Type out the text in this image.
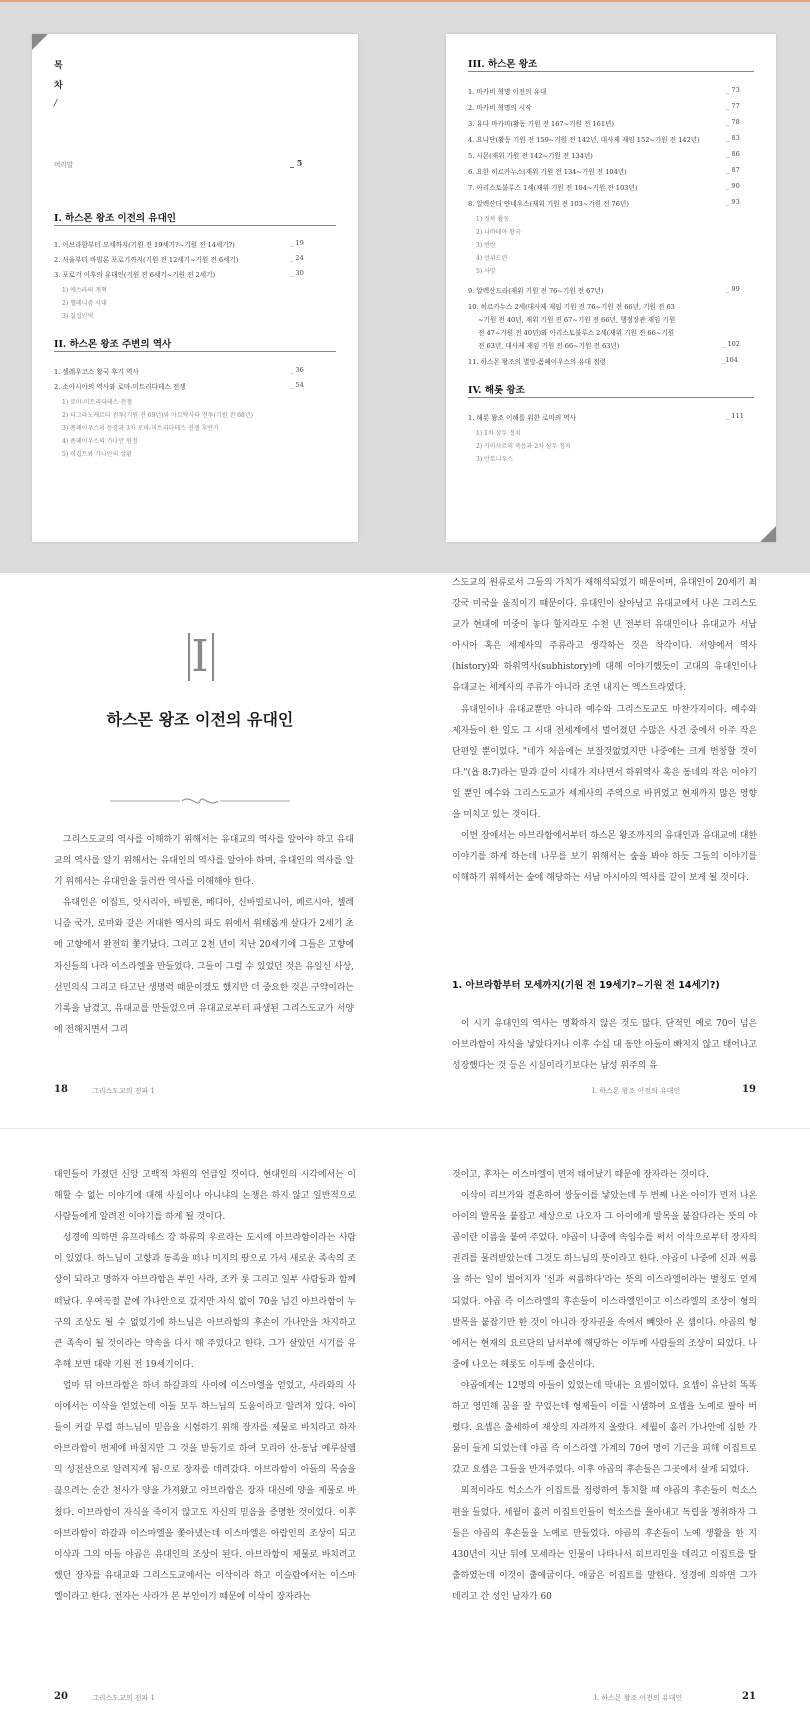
목
차
/
머리말	_ 5
I. 하스몬 왕조 이전의 유대인
1. 아브라함부터 모세까지(기원 전 19세기?~기원 전 14세기?)	_ 19
2. 사울부터 바빌론 포로기까지(기원 전 12세기~기원 전 6세기)	_ 24
3. 포로기 이후의 유대인(기원 전 6세기~기원 전 2세기)	_ 30
1) 에스라의 개혁
2) 헬레니즘 시대
3) 칠십인역
II. 하스몬 왕조 주변의 역사
1. 셀레우코스 왕국 후기 역사	_ 36
2. 소아시아의 역사와 로마-미트리다테스 전쟁	_ 54
1) 로마-미트리다테스 전쟁
2) 티그라노케르타 전투(기원 전 69년)와 아르탁사타 전투(기원 전 68년)
3) 폼페이우스의 등장과 3차 로마-미트리다테스 전쟁 후반기
4) 폼페이우스의 가나안 원정
5) 이집트와 가나안의 상황
III. 하스몬 왕조
1. 마카비 혁명 이전의 유대	_ 73
2. 마카비 혁명의 시작	_ 77
3. 유다 마카비(활동 기원 전 167~기원 전 161년)	_ 78
4. 요나단(활동 기원 전 159~기원 전 142년, 대사제 재임 152~기원 전 142년)	_ 83
5. 시몬(재위 기원 전 142~기원 전 134년)	_ 86
6. 요한 히르카누스(재위 기원 전 134~기원 전 104년)	_ 87
7. 아리스토불루스 1세(재위 기원 전 104~기원 전 103년)	_ 90
8. 알렉산더 얀네우스(재위 기원 전 103~기원 전 76년)	_ 93
1) 정복 활동
2) 나바테아 왕국
3) 반란
4) 선위드린
5) 사망
9. 알렉산드라(재위 기원 전 76~기원 전 67년)	_ 99
10. 히르카누스 2세(대사제 재임 기원 전 76~기원 전 66년, 기원 전 63
~기원 전 40년, 재위 기원 전 67~기원 전 66년, 행정장관 재임 기원
전 47~기원 전 40년)와 아리스토불루스 2세(재위 기원 전 66~기원
전 63년, 대사제 재임 기원 전 66~기원 전 63년)	_ 102
11. 하스몬 왕조의 멸망-폼페이우스의 유대 점령	_104
IV. 해롯 왕조
1. 해롯 왕조 이해를 위한 로마의 역사	_ 111
1) 1차 삼두 정치
2) 카이사르의 죽음과 2차 삼두 정치
3) 안토니우스
I
하스몬 왕조 이전의 유대인

그리스도교의 역사를 이해하기 위해서는 유대교의 역사를 알아야 하고 유대교의 역사를 알기 위해서는 유대인의 역사를 알아야 하며, 유대인의 역사를 알기 위해서는 유대인을 둘러싼 역사를 이해해야 한다.

유대인은 이집트, 앗시리아, 바빌론, 메디아, 신바빌로니아, 페르시아, 셀레니즘 국가, 로마와 같은 거대한 역사의 파도 위에서 위태롭게 살다가 2세기 초에 고향에서 완전히 쫓기났다. 그리고 2천 년이 지난 20세기에 그들은 고향에 자신들의 나라 이스라엘을 만들었다. 그들이 그럴 수 있었던 것은 유일신 사상, 선민의식 그리고 타고난 생명력 때문이겠도 했지만 더 중요한 것은 구약이라는 기록을 남겼고, 유대교를 만들었으며 유대교로부터 파생된 그리스도교가 서양에 전해지면서 그리

18	그리스도교의 전파 1

스도교의 원류로서 그들의 가치가 재해석되었기 때문이며, 유대인이 20세기 최강국 미국을 움직이기 때문이다. 유대인이 살아남고 유대교에서 나온 그리스도교가 현대에 미중이 놓다 할지라도 수천 년 전부터 유대인이나 유대교가 서남 아시아 혹은 세계사의 주류라고 생각하는 것은 착각이다. 서양에서 역사(history)와 하위역사(subhistory)에 대해 이야기했듯이 고대의 유대인이나 유대교는 세계사의 주류가 아니라 조연 내지는 엑스트라였다.

유대인이나 유대교뿐만 아니라 예수와 그리스도교도 마찬가지이다. 예수와 제자들이 한 일도 그 시대 전세계에서 벌어졌던 수많은 사건 중에서 아주 작은 단편일 뿐이었다. "네가 처음에는 보잘것없었지만 나중에는 크게 번창할 것이다."(욥 8:7)라는 말과 같이 시대가 지나면서 하위역사 혹은 동네의 작은 이야기일 뿐인 예수와 그리스도교가 세계사의 주역으로 바뀌었고 현재까지 많은 영향을 미치고 있는 것이다.

이번 장에서는 아브라함에서부터 하스몬 왕조까지의 유대인과 유대교에 대한 이야기를 하게 하는데 나무를 보기 위해서는 숲을 봐야 하듯 그들의 이야기를 이해하기 위해서는 숲에 해당하는 서남 아시아의 역사를 같이 보게 될 것이다.

1. 아브라함부터 모세까지(기원 전 19세기?~기원 전 14세기?)

이 시기 유대인의 역사는 명확하지 않은 것도 많다. 단적인 예로 70이 넘은 아브라함이 자식을 낳았다거나 이후 수십 대 동안 아들이 빠지지 않고 태어나고 성장했다는 것 등은 시실이라기보다는 남성 위주의 유

I. 하스몬 왕조 이전의 유대인	19

대인들이 가졌던 신앙 고백적 차원의 언급일 것이다. 현대인의 시각에서는 이해할 수 없는 이야기에 대해 사실이나 아니냐의 논쟁은 하지 않고 일반적으로 사람들에게 알려진 이야기를 하게 될 것이다.

성경에 의하면 유프라테스 강 하류의 우르라는 도시에 아브라함이라는 사람이 있었다. 하느님이 고향과 동족을 떠나 미지의 땅으로 가서 새로운 족속의 조상이 되라고 명하자 아브라함은 부인 사라, 조카 롯 그리고 일부 사람들과 함께 떠났다. 우여곡절 끝에 가나안으로 갔지만 자식 없이 70을 넘긴 아브라함이 누구의 조상도 될 수 없었기에 하느님은 아브라함의 후손이 가나안을 차지하고 큰 족속이 될 것이라는 약속을 다시 해 주었다고 한다. 그가 살았던 시기를 유추해 보면 대략 기원 전 19세기이다.

얼마 뒤 아브라함은 하녀 하갈과의 사이에 이스마엘을 얻었고, 사라와의 사이에서는 이삭을 얻었는데 이들 모두 하느님의 도움이라고 알려져 있다. 아이들이 커갈 무렵 하느님이 믿음을 시험하기 위해 장자를 제물로 바치라고 하자 아브라함이 번제에 바칠지만 그 것을 받들기로 하여 모리아 산-동남 예루살렘의 성전산으로 알려지게 됨-으로 장자를 데려갔다. 아브라함이 아들의 목숨을 끊으려는 순간 천사가 양을 가져왔고 아브라함은 장자 대신에 양을 제물로 바쳤다. 이브라함이 자식을 죽이지 않고도 자신의 믿음을 증명한 것이었다. 이후 아브라함이 하갈과 이스마엘을 쫓아냈는데 이스마엘은 아랍인의 조상이 되고 이삭과 그의 아들 야곱은 유대인의 조상이 된다. 아브라함이 제물로 바치려고 했던 장자를 유대교와 그리스도교에서는 이삭이라 하고 이슬람에서는 이스마엘이라고 한다. 전자는 사라가 본 부인이기 때문에 이삭이 장자라는

20	그리스도교의 전파 1

것이고, 후자는 이스마엘이 먼저 태어났기 때문에 장자라는 것이다.

이삭이 리브가와 결혼하여 쌍둥이를 낳았는데 두 번째 나온 아이가 먼저 나온 아이의 발목을 붙잡고 세상으로 나오자 그 아이에게 발목을 붙잡다라는 뜻의 야곱이란 이름을 붙여 주었다. 야곱이 나중에 속임수를 써서 이삭으로부터 장자의 권리를 물려받았는데 그것도 하느님의 뜻이라고 한다. 야곱이 나중에 신과 씨름을 하는 일이 벌어지자 '신과 씨름하다'라는 뜻의 이스라엘이라는 별칭도 얻게 되었다. 야곱 즉 이스라엘의 후손들이 이스라엘인이고 이스라엘의 조상이 형의 발목을 붙잡기만 한 것이 아니라 장자권을 속여서 빼앗아 온 셈이다. 야곱의 형에서는 현재의 요르단의 남서부에 해당하는 이두메 사람들의 조상이 되었다. 나중에 나오는 헤롯도 이두메 출신이다.

야곱에게는 12명의 아들이 있었는데 막내는 요셉이었다. 요셉이 유난히 똑똑하고 영민해 꿈을 잘 꾸었는데 형제들이 이를 시샘하여 요셉을 노예로 팔아 버렸다. 요셉은 출세하여 재상의 자리까지 올랐다. 세월이 흘러 가나안에 심한 가뭄이 들게 되었는데 야곱 즉 이스라엘 가계의 70여 명이 기근을 피해 이집트로 갔고 요셉은 그들을 반겨주었다. 이후 야곱의 후손들은 그곳에서 살게 되었다.

외적이라도 헉소스가 이집트를 점령하여 통치할 때 야곱의 후손들이 헉소스 편을 들었다. 세월이 흘러 이집트인들이 헉소스를 몰아내고 독립을 쟁취하자 그들은 야곱의 후손들을 노예로 만들었다. 야곱의 후손들이 노예 생활을 한 지 430년이 지난 뒤에 모세라는 인물이 나타나서 히브리인을 데리고 이집트를 탈출하였는데 이것이 출애굽이다. 애굽은 이집트를 말한다. 성경에 의하면 그가 데리고 간 성인 남자가 60

I. 하스몬 왕조 이전의 유대인	21
